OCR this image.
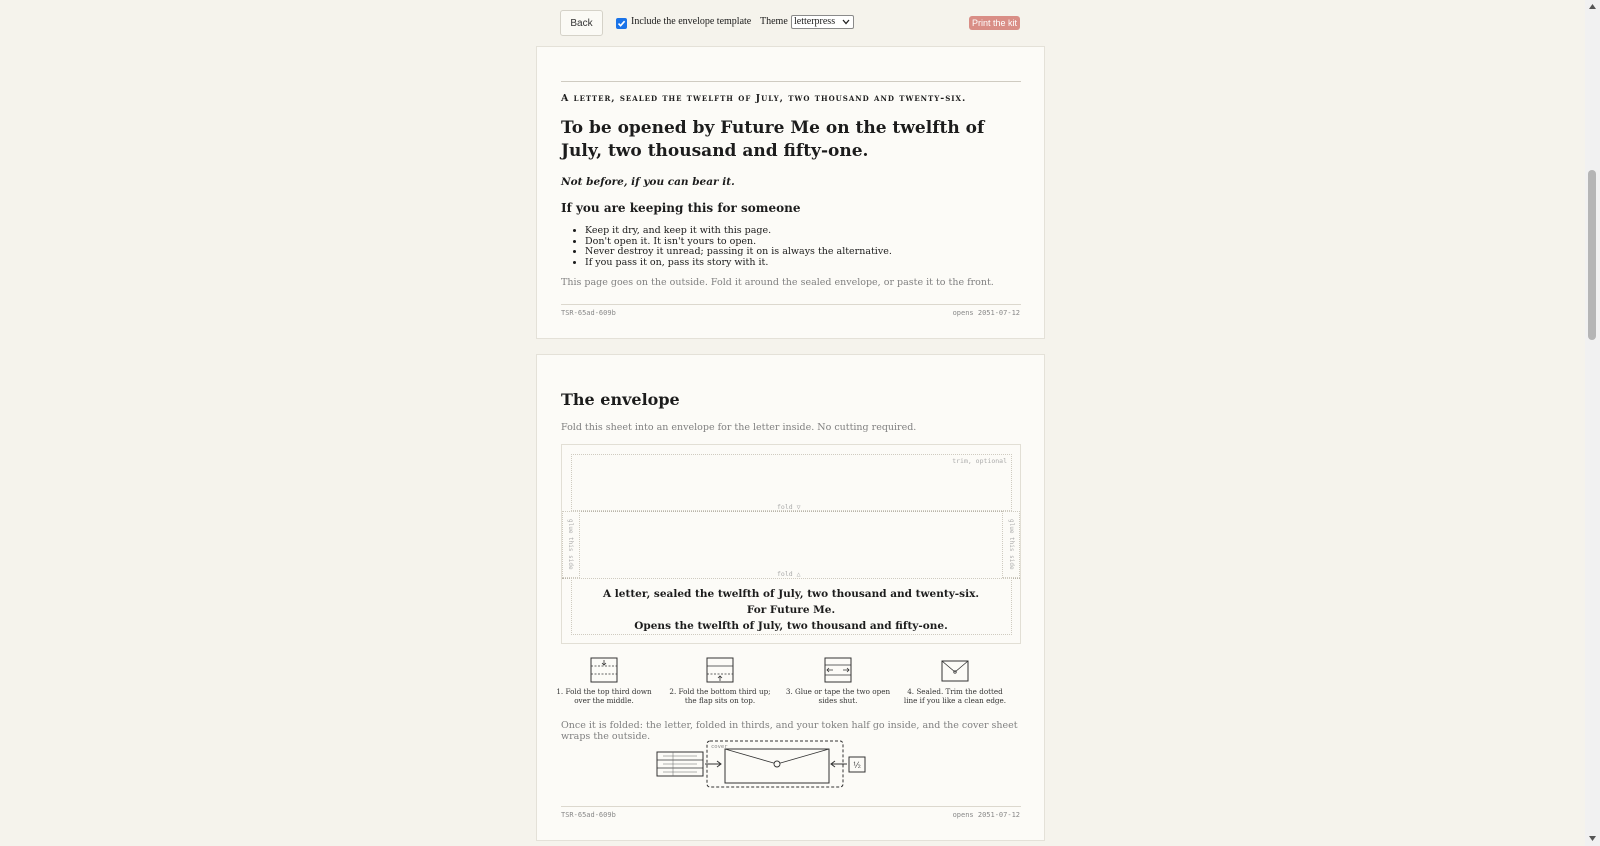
Back	Include the envelope template Theme letterpress	Print the kit
A letter, sealed the twelfth of July, two thousand and twenty-six.
To be opened by Future Me on the twelfth of July, two thousand and fifty-one.
Not before, if you can bear it.
If you are keeping this for someone
• Keep it dry, and keep it with this page.
• Don't open it. It isn't yours to open.
• Never destroy it unread; passing it on is always the alternative.
• If you pass it on, pass its story with it.
This page goes on the outside. Fold it around the sealed envelope, or paste it to the front.
TSR-65ad-609b	opens 2051-07-12
The envelope
Fold this sheet into an envelope for the letter inside. No cutting required.
trim, optional
fold ▽
glue this side	glue this side
fold △
A letter, sealed the twelfth of July, two thousand and twenty-six.
For Future Me.
Opens the twelfth of July, two thousand and fifty-one.
1. Fold the top third down over the middle.
2. Fold the bottom third up; the flap sits on top.
3. Glue or tape the two open sides shut.
4. Sealed. Trim the dotted line if you like a clean edge.
Once it is folded: the letter, folded in thirds, and your token half go inside, and the cover sheet wraps the outside.
cover
½
TSR-65ad-609b	opens 2051-07-12
